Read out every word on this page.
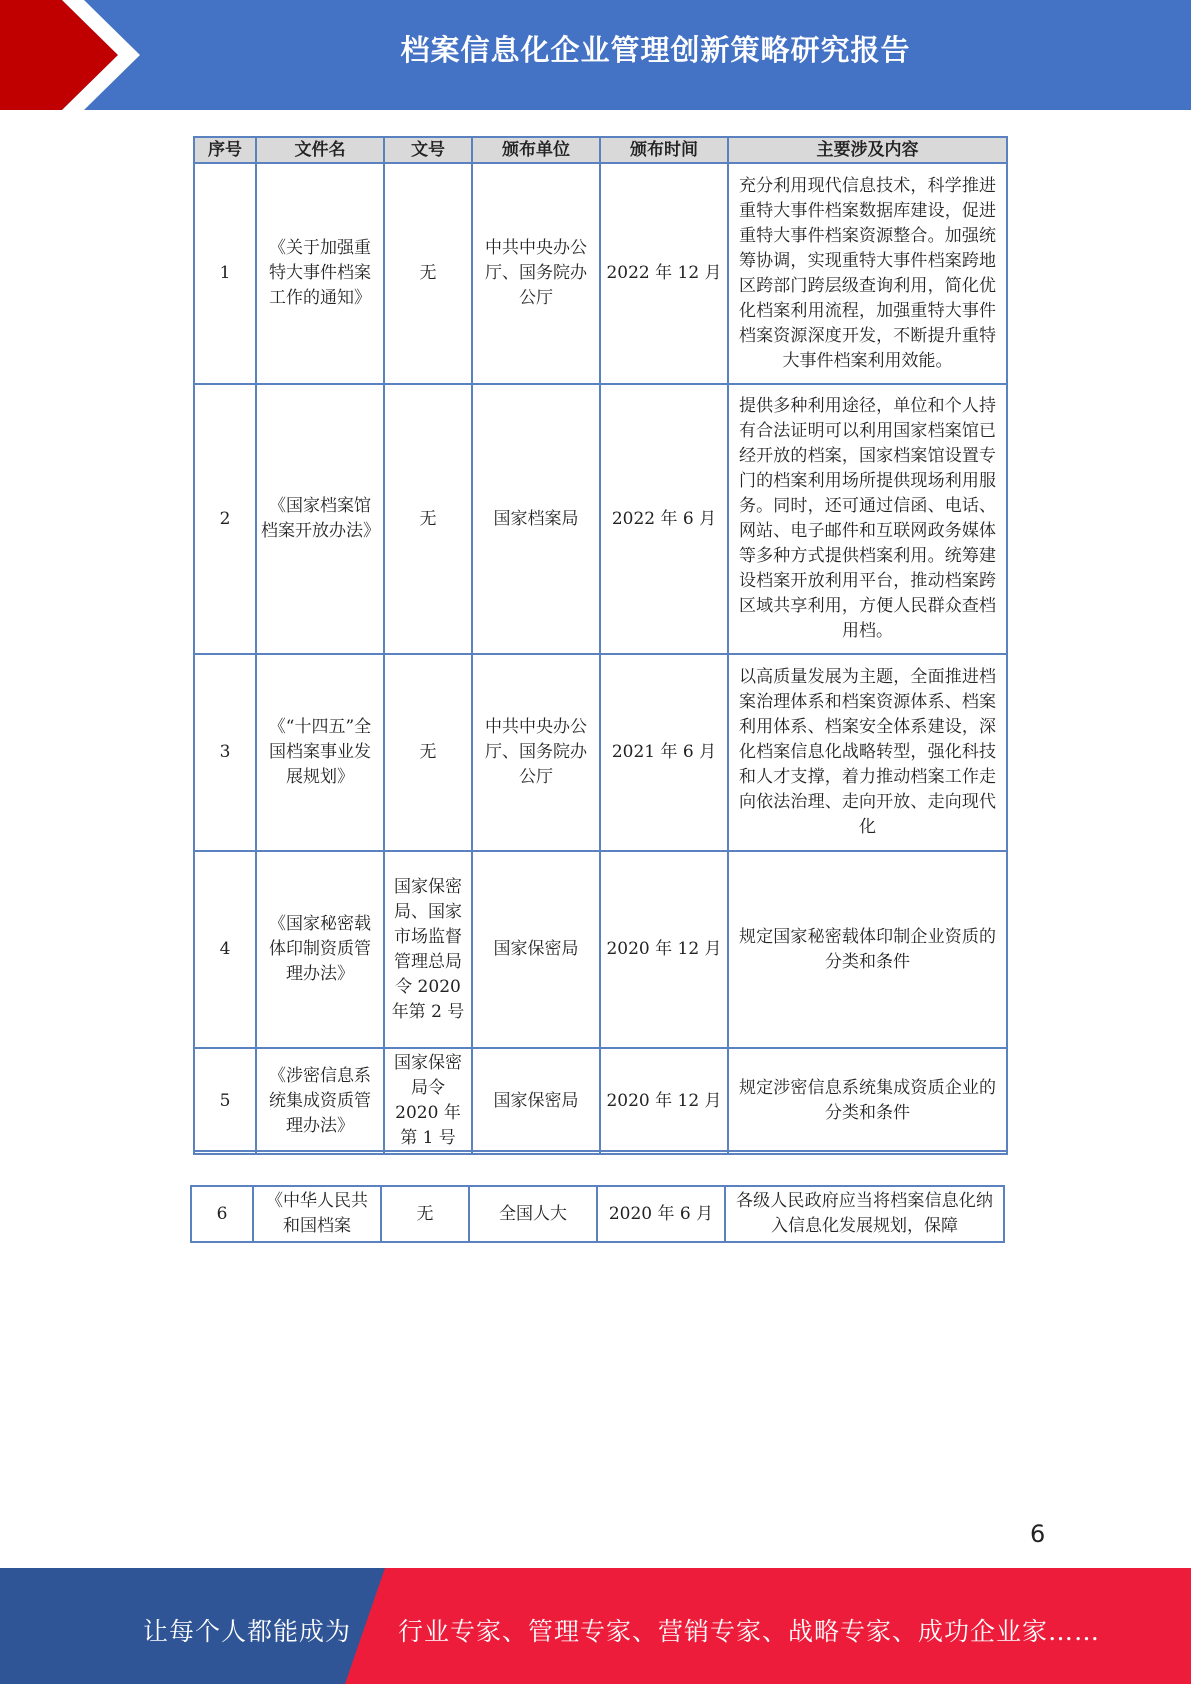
档案信息化企业管理创新策略研究报告
序号	文件名	文号	颁布单位	颁布时间	主要涉及内容
1	《关于加强重特大事件档案工作的通知》	无	中共中央办公厅、国务院办公厅	2022 年 12 月	充分利用现代信息技术，科学推进重特大事件档案数据库建设，促进重特大事件档案资源整合。加强统筹协调，实现重特大事件档案跨地区跨部门跨层级查询利用，简化优化档案利用流程，加强重特大事件档案资源深度开发，不断提升重特大事件档案利用效能。
2	《国家档案馆档案开放办法》	无	国家档案局	2022 年 6 月	提供多种利用途径，单位和个人持有合法证明可以利用国家档案馆已经开放的档案，国家档案馆设置专门的档案利用场所提供现场利用服务。同时，还可通过信函、电话、网站、电子邮件和互联网政务媒体等多种方式提供档案利用。统筹建设档案开放利用平台，推动档案跨区域共享利用，方便人民群众查档用档。
3	《“十四五”全国档案事业发展规划》	无	中共中央办公厅、国务院办公厅	2021 年 6 月	以高质量发展为主题，全面推进档案治理体系和档案资源体系、档案利用体系、档案安全体系建设，深化档案信息化战略转型，强化科技和人才支撑，着力推动档案工作走向依法治理、走向开放、走向现代化
4	《国家秘密载体印制资质管理办法》	国家保密局、国家市场监督管理总局令 2020 年第 2 号	国家保密局	2020 年 12 月	规定国家秘密载体印制企业资质的分类和条件
5	《涉密信息系统集成资质管理办法》	国家保密局令 2020 年第 1 号	国家保密局	2020 年 12 月	规定涉密信息系统集成资质企业的分类和条件
6	《中华人民共和国档案	无	全国人大	2020 年 6 月	各级人民政府应当将档案信息化纳入信息化发展规划，保障
6
让每个人都能成为 行业专家、管理专家、营销专家、战略专家、成功企业家……
